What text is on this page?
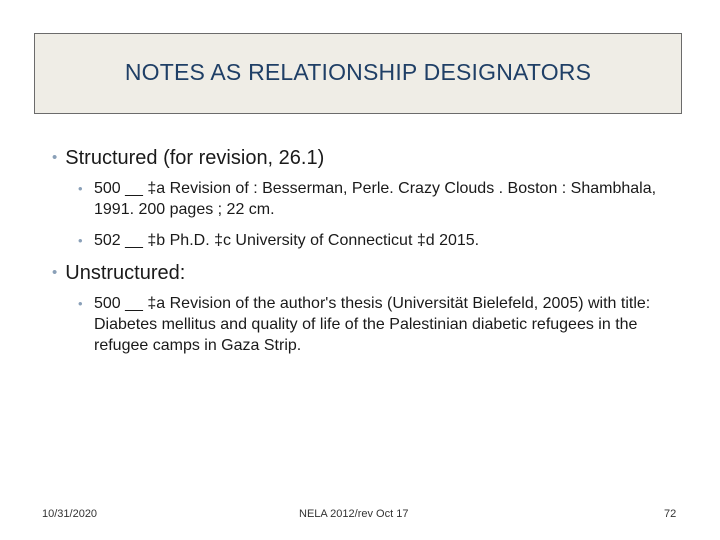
NOTES AS RELATIONSHIP DESIGNATORS
• Structured (for revision, 26.1)
• 500 __ ‡a Revision of : Besserman, Perle. Crazy Clouds . Boston : Shambhala, 1991. 200 pages ; 22 cm.
• 502 __ ‡b Ph.D. ‡c University of Connecticut ‡d 2015.
• Unstructured:
• 500 __ ‡a Revision of the author's thesis (Universität Bielefeld, 2005) with title: Diabetes mellitus and quality of life of the Palestinian diabetic refugees in the refugee camps in Gaza Strip.
10/31/2020	NELA 2012/rev Oct 17	72
